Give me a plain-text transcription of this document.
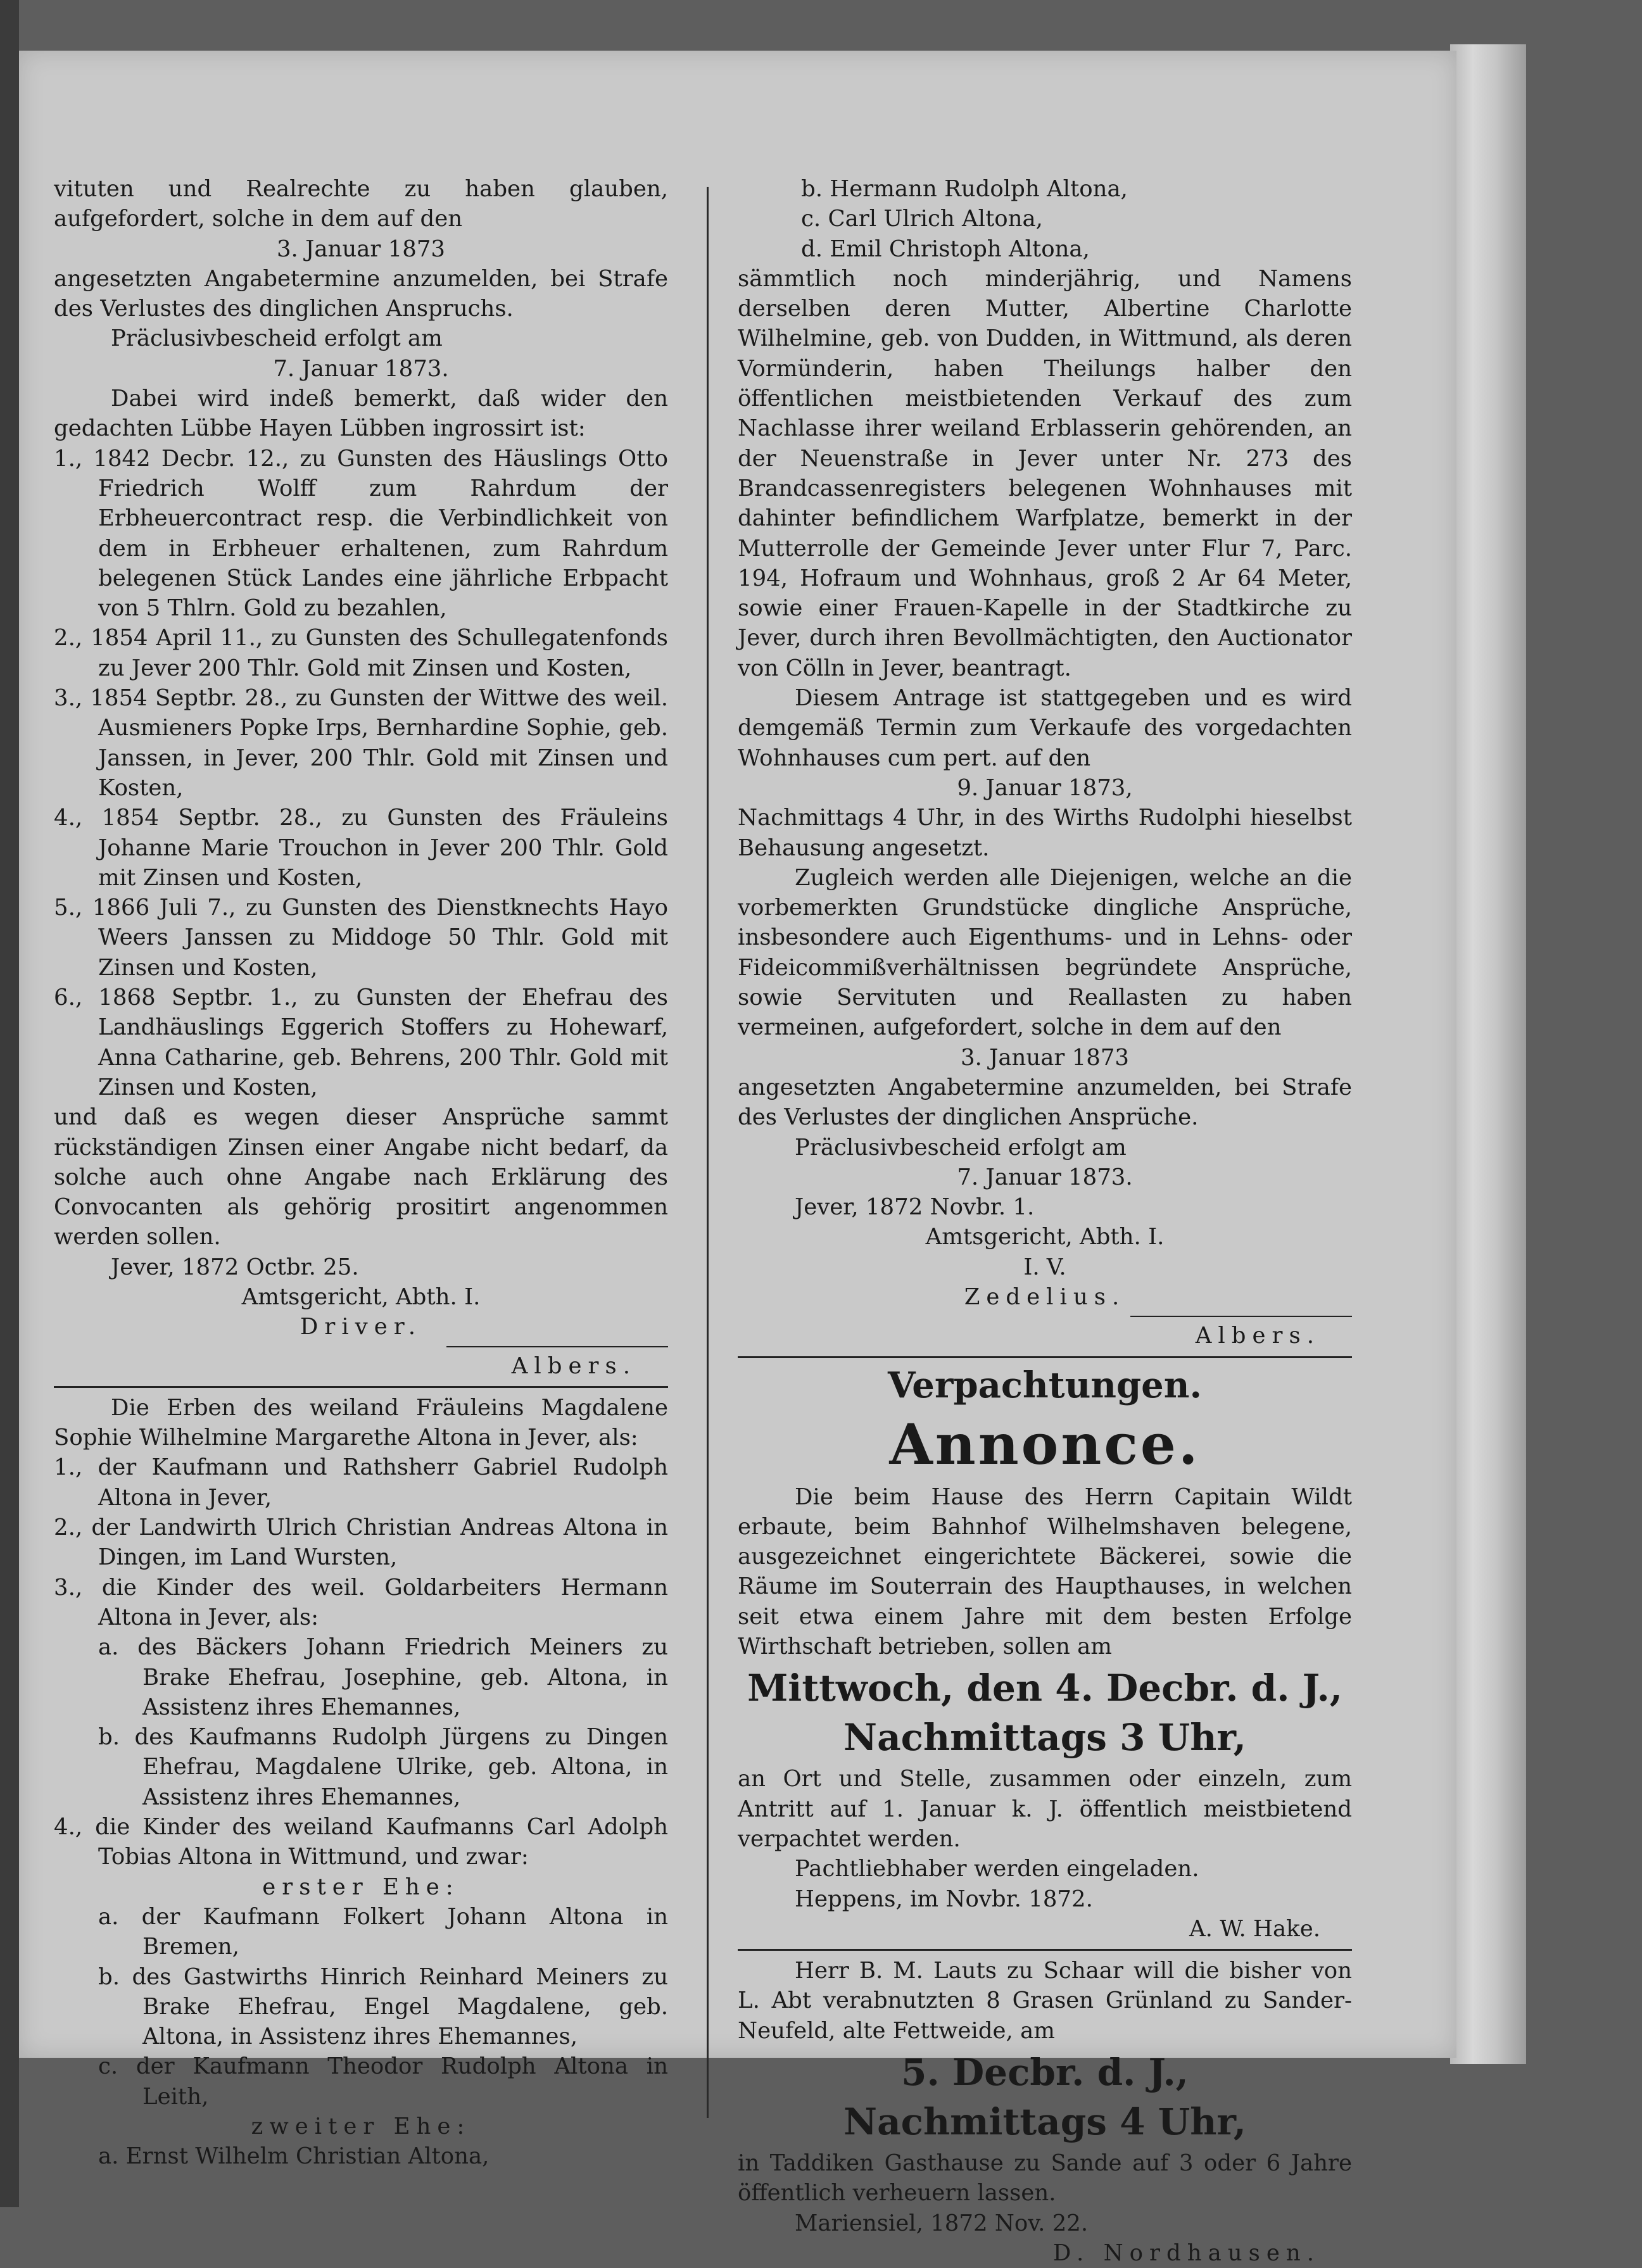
vituten und Realrechte zu haben glauben, aufgefordert, solche in dem auf den

3. Januar 1873

angesetzten Angabetermine anzumelden, bei Strafe des Verlustes des dinglichen Anspruchs.

Präclusivbescheid erfolgt am

7. Januar 1873.

Dabei wird indeß bemerkt, daß wider den gedachten Lübbe Hayen Lübben ingrossirt ist:

1., 1842 Decbr. 12., zu Gunsten des Häuslings Otto Friedrich Wolff zum Rahrdum der Erbheuercontract resp. die Verbindlichkeit von dem in Erbheuer erhaltenen, zum Rahrdum belegenen Stück Landes eine jährliche Erbpacht von 5 Thlrn. Gold zu bezahlen,

2., 1854 April 11., zu Gunsten des Schullegatenfonds zu Jever 200 Thlr. Gold mit Zinsen und Kosten,

3., 1854 Septbr. 28., zu Gunsten der Wittwe des weil. Ausmieners Popke Irps, Bernhardine Sophie, geb. Janssen, in Jever, 200 Thlr. Gold mit Zinsen und Kosten,

4., 1854 Septbr. 28., zu Gunsten des Fräuleins Johanne Marie Trouchon in Jever 200 Thlr. Gold mit Zinsen und Kosten,

5., 1866 Juli 7., zu Gunsten des Dienstknechts Hayo Weers Janssen zu Middoge 50 Thlr. Gold mit Zinsen und Kosten,

6., 1868 Septbr. 1., zu Gunsten der Ehefrau des Landhäuslings Eggerich Stoffers zu Hohewarf, Anna Catharine, geb. Behrens, 200 Thlr. Gold mit Zinsen und Kosten,

und daß es wegen dieser Ansprüche sammt rückständigen Zinsen einer Angabe nicht bedarf, da solche auch ohne Angabe nach Erklärung des Convocanten als gehörig prositirt angenommen werden sollen.

Jever, 1872 Octbr. 25.

Amtsgericht, Abth. I.

Driver.

Albers.

Die Erben des weiland Fräuleins Magdalene Sophie Wilhelmine Margarethe Altona in Jever, als:

1., der Kaufmann und Rathsherr Gabriel Rudolph Altona in Jever,

2., der Landwirth Ulrich Christian Andreas Altona in Dingen, im Land Wursten,

3., die Kinder des weil. Goldarbeiters Hermann Altona in Jever, als:

a. des Bäckers Johann Friedrich Meiners zu Brake Ehefrau, Josephine, geb. Altona, in Assistenz ihres Ehemannes,

b. des Kaufmanns Rudolph Jürgens zu Dingen Ehefrau, Magdalene Ulrike, geb. Altona, in Assistenz ihres Ehemannes,

4., die Kinder des weiland Kaufmanns Carl Adolph Tobias Altona in Wittmund, und zwar:

erster Ehe:

a. der Kaufmann Folkert Johann Altona in Bremen,

b. des Gastwirths Hinrich Reinhard Meiners zu Brake Ehefrau, Engel Magdalene, geb. Altona, in Assistenz ihres Ehemannes,

c. der Kaufmann Theodor Rudolph Altona in Leith,

zweiter Ehe:

a. Ernst Wilhelm Christian Altona,

b. Hermann Rudolph Altona,

c. Carl Ulrich Altona,

d. Emil Christoph Altona,

sämmtlich noch minderjährig, und Namens derselben deren Mutter, Albertine Charlotte Wilhelmine, geb. von Dudden, in Wittmund, als deren Vormünderin, haben Theilungs halber den öffentlichen meistbietenden Verkauf des zum Nachlasse ihrer weiland Erblasserin gehörenden, an der Neuenstraße in Jever unter Nr. 273 des Brandcassenregisters belegenen Wohnhauses mit dahinter befindlichem Warfplatze, bemerkt in der Mutterrolle der Gemeinde Jever unter Flur 7, Parc. 194, Hofraum und Wohnhaus, groß 2 Ar 64 Meter, sowie einer Frauen-Kapelle in der Stadtkirche zu Jever, durch ihren Bevollmächtigten, den Auctionator von Cölln in Jever, beantragt.

Diesem Antrage ist stattgegeben und es wird demgemäß Termin zum Verkaufe des vorgedachten Wohnhauses cum pert. auf den

9. Januar 1873,

Nachmittags 4 Uhr, in des Wirths Rudolphi hieselbst Behausung angesetzt.

Zugleich werden alle Diejenigen, welche an die vorbemerkten Grundstücke dingliche Ansprüche, insbesondere auch Eigenthums- und in Lehns- oder Fideicommißverhältnissen begründete Ansprüche, sowie Servituten und Reallasten zu haben vermeinen, aufgefordert, solche in dem auf den

3. Januar 1873

angesetzten Angabetermine anzumelden, bei Strafe des Verlustes der dinglichen Ansprüche.

Präclusivbescheid erfolgt am

7. Januar 1873.

Jever, 1872 Novbr. 1.

Amtsgericht, Abth. I.

I. V.

Zedelius.

Albers.

Verpachtungen.

Annonce.

Die beim Hause des Herrn Capitain Wildt erbaute, beim Bahnhof Wilhelmshaven belegene, ausgezeichnet eingerichtete Bäckerei, sowie die Räume im Souterrain des Haupthauses, in welchen seit etwa einem Jahre mit dem besten Erfolge Wirthschaft betrieben, sollen am

Mittwoch, den 4. Decbr. d. J.,

Nachmittags 3 Uhr,

an Ort und Stelle, zusammen oder einzeln, zum Antritt auf 1. Januar k. J. öffentlich meistbietend verpachtet werden.

Pachtliebhaber werden eingeladen.

Heppens, im Novbr. 1872.

A. W. Hake.

Herr B. M. Lauts zu Schaar will die bisher von L. Abt verabnutzten 8 Grasen Grünland zu Sander-Neufeld, alte Fettweide, am

5. Decbr. d. J.,

Nachmittags 4 Uhr,

in Taddiken Gasthause zu Sande auf 3 oder 6 Jahre öffentlich verheuern lassen.

Mariensiel, 1872 Nov. 22.

D. Nordhausen.
